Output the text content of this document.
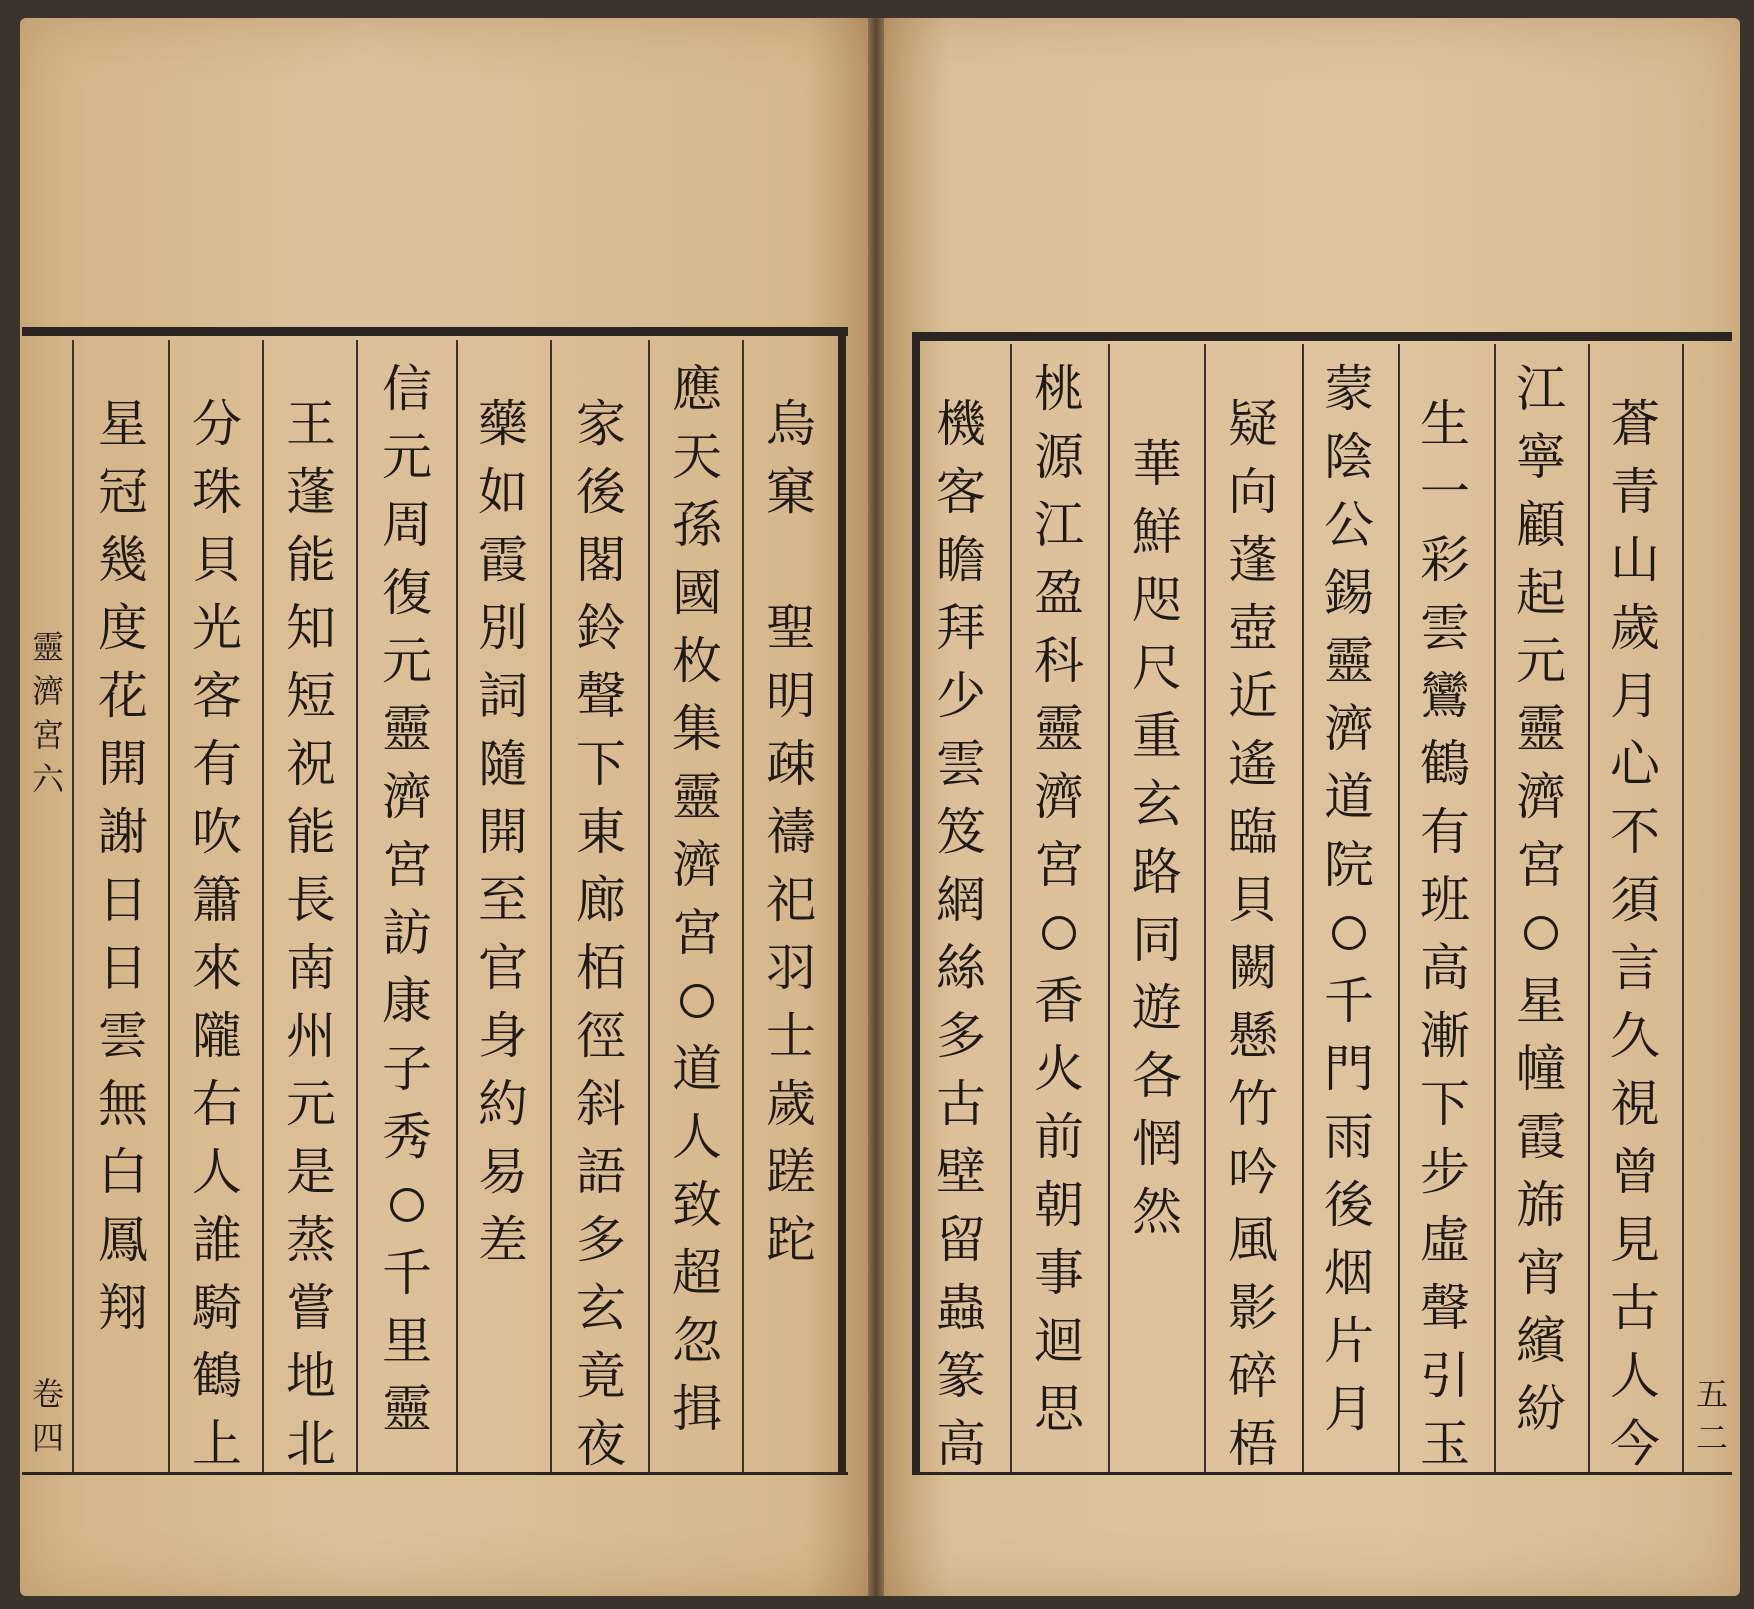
烏
窠
聖
明
疎
禱
祀
羽
士
歲
蹉
跎
應
天
孫
國
枚
集
靈
濟
宮
道
人
致
超
忽
揖
家
後
閣
鈴
聲
下
東
廊
栢
徑
斜
語
多
玄
竟
夜
藥
如
霞
別
詞
隨
開
至
官
身
約
易
差
信
元
周
復
元
靈
濟
宮
訪
康
子
秀
千
里
靈
王
蓬
能
知
短
祝
能
長
南
州
元
是
蒸
嘗
地
北
分
珠
貝
光
客
有
吹
簫
來
隴
右
人
誰
騎
鶴
上
星
冠
幾
度
花
開
謝
日
日
雲
無
白
鳳
翔
靈
濟
宮
六
卷
四
蒼
青
山
歲
月
心
不
須
言
久
視
曾
見
古
人
今
江
寧
顧
起
元
靈
濟
宮
星
幢
霞
旆
宵
繽
紛
生
一
彩
雲
鸞
鶴
有
班
高
漸
下
步
虛
聲
引
玉
蒙
陰
公
錫
靈
濟
道
院
千
門
雨
後
烟
片
月
疑
向
蓬
壺
近
遙
臨
貝
闕
懸
竹
吟
風
影
碎
梧
華
鮮
咫
尺
重
玄
路
同
遊
各
惘
然
桃
源
江
盈
科
靈
濟
宮
香
火
前
朝
事
迴
思
機
客
瞻
拜
少
雲
笈
網
絲
多
古
壁
留
蟲
篆
高
五
二
